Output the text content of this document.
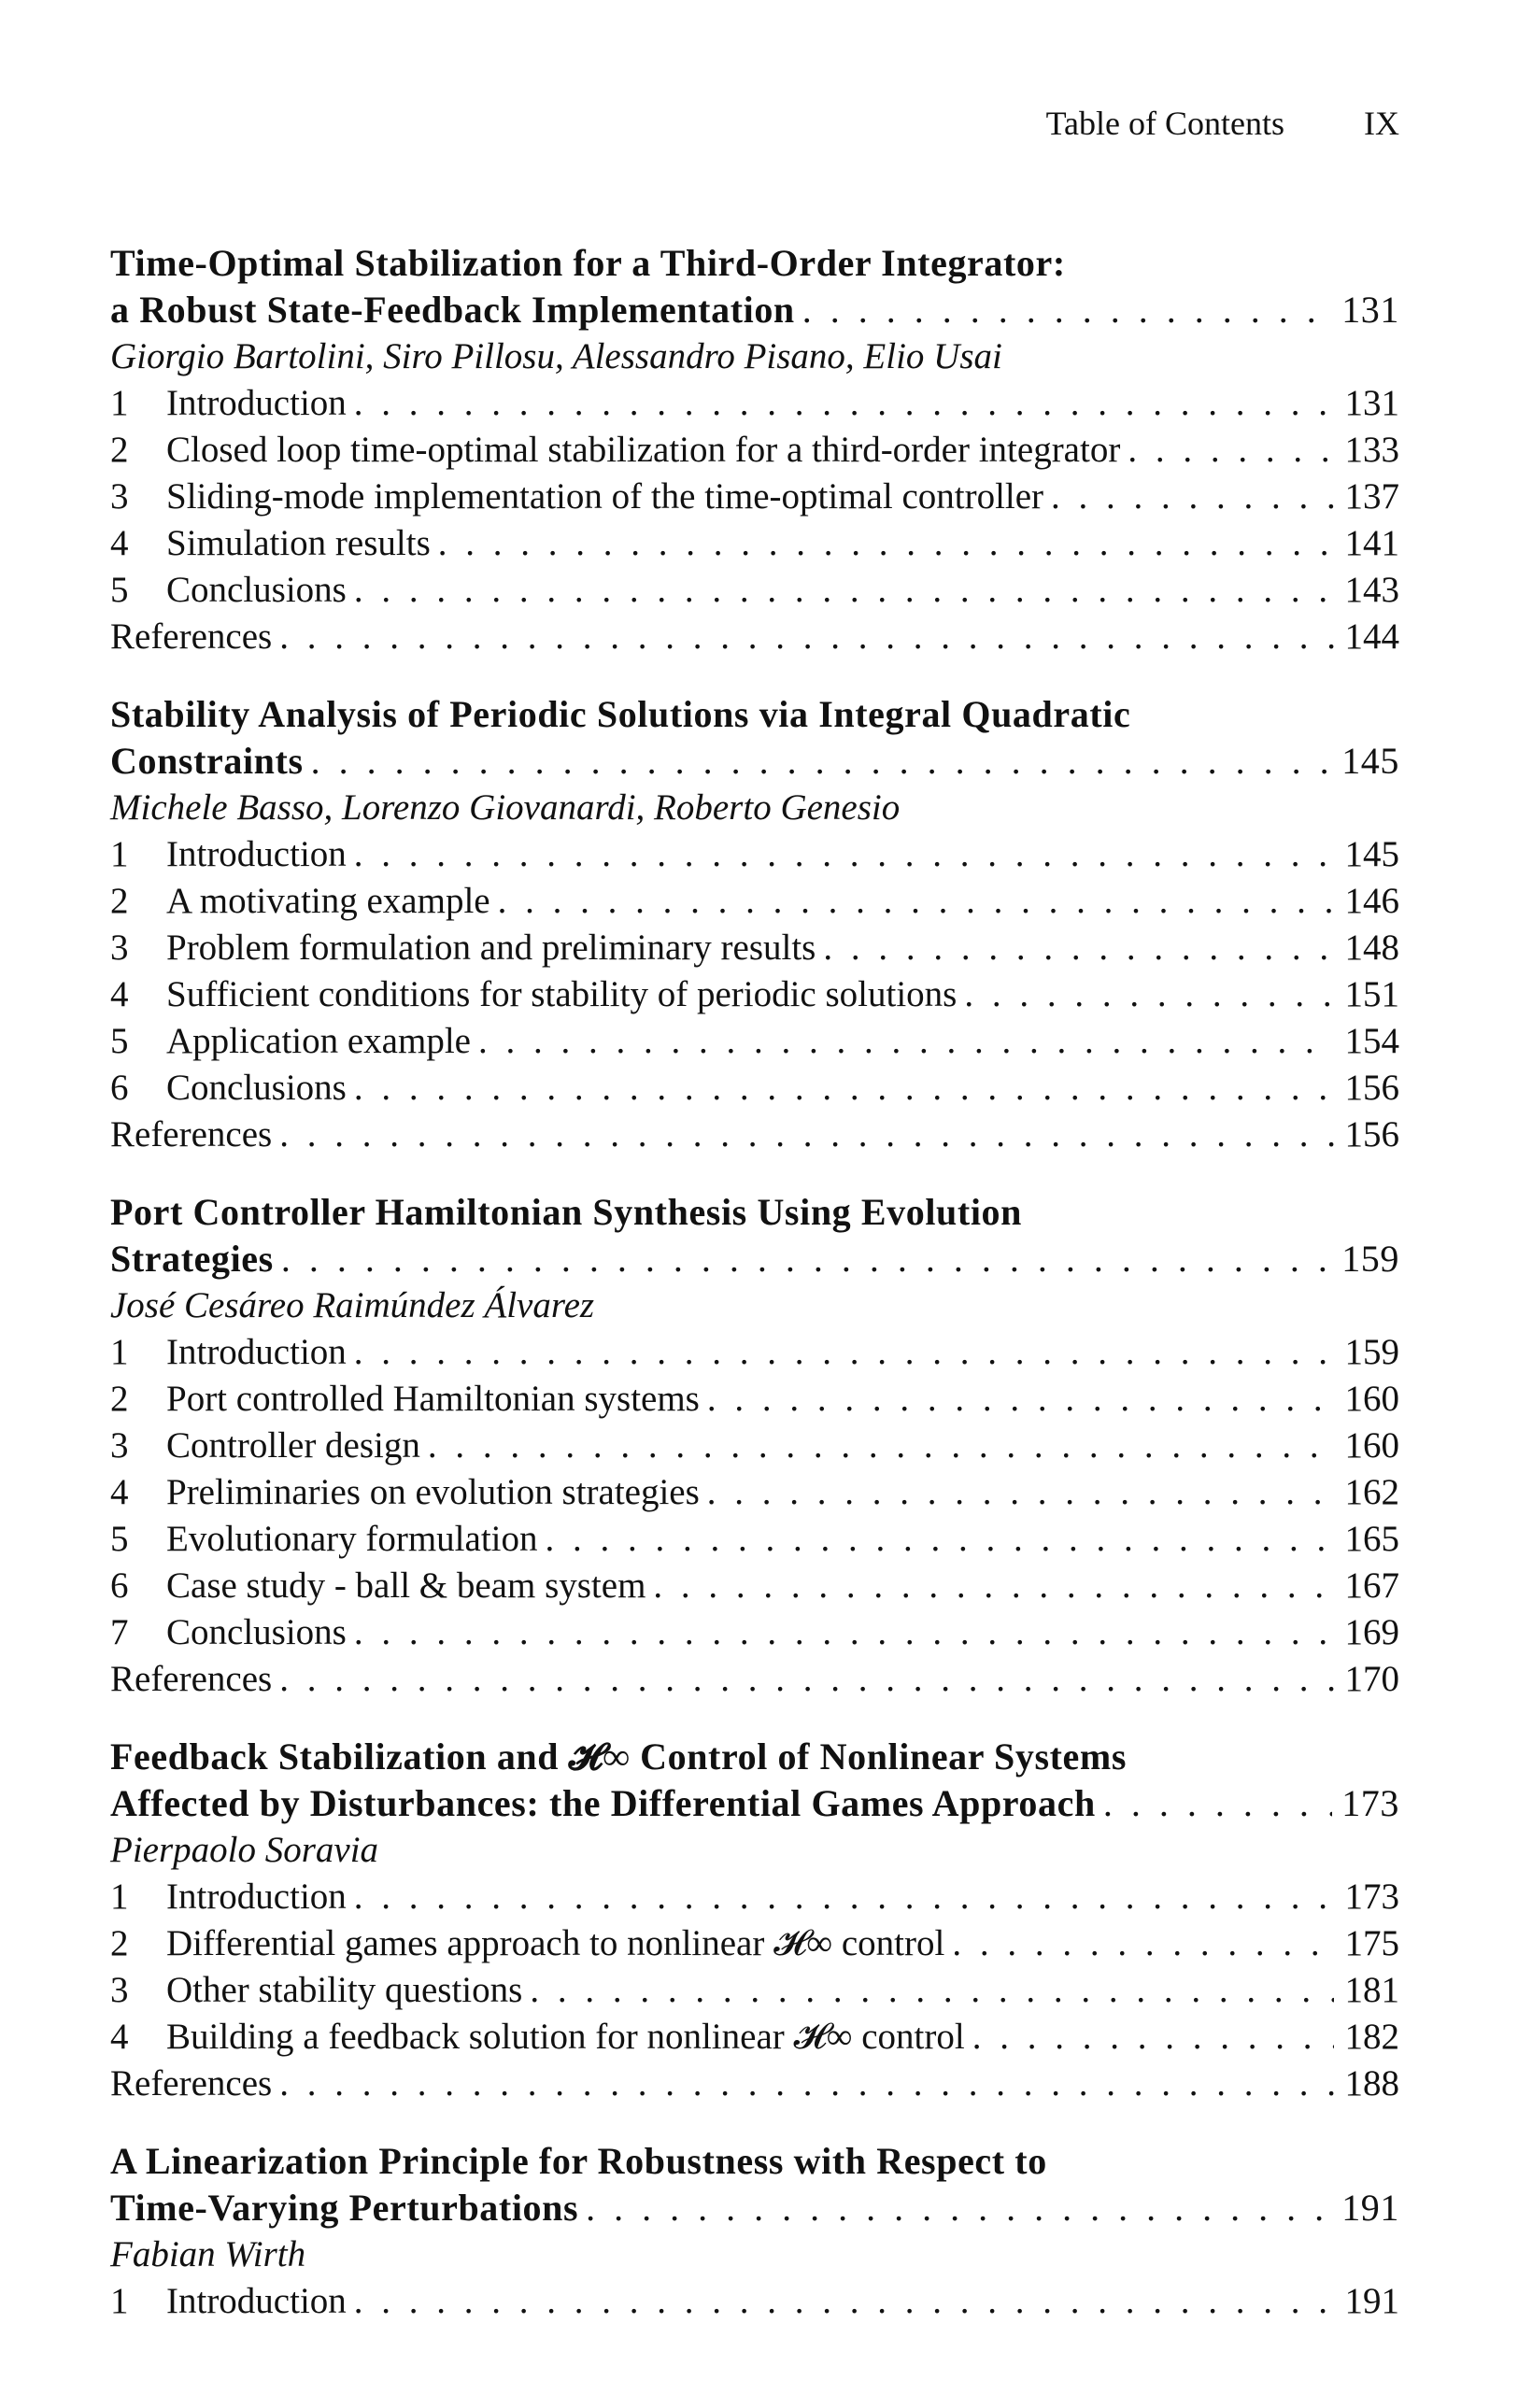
Table of Contents IX
Time-Optimal Stabilization for a Third-Order Integrator:
a Robust State-Feedback Implementation . . .	131
Giorgio Bartolini, Siro Pillosu, Alessandro Pisano, Elio Usai
1	Introduction . . .	131
2	Closed loop time-optimal stabilization for a third-order integrator . . .	133
3	Sliding-mode implementation of the time-optimal controller . . .	137
4	Simulation results . . .	141
5	Conclusions . . .	143
References . . .	144
Stability Analysis of Periodic Solutions via Integral Quadratic
Constraints . . .	145
Michele Basso, Lorenzo Giovanardi, Roberto Genesio
1	Introduction . . .	145
2	A motivating example . . .	146
3	Problem formulation and preliminary results . . .	148
4	Sufficient conditions for stability of periodic solutions . . .	151
5	Application example . . .	154
6	Conclusions . . .	156
References . . .	156
Port Controller Hamiltonian Synthesis Using Evolution
Strategies . . .	159
José Cesáreo Raimúndez Álvarez
1	Introduction . . .	159
2	Port controlled Hamiltonian systems . . .	160
3	Controller design . . .	160
4	Preliminaries on evolution strategies . . .	162
5	Evolutionary formulation . . .	165
6	Case study - ball & beam system . . .	167
7	Conclusions . . .	169
References . . .	170
Feedback Stabilization and 𝓗∞ Control of Nonlinear Systems
Affected by Disturbances: the Differential Games Approach . . .	173
Pierpaolo Soravia
1	Introduction . . .	173
2	Differential games approach to nonlinear 𝓗∞ control . . .	175
3	Other stability questions . . .	181
4	Building a feedback solution for nonlinear 𝓗∞ control . . .	182
References . . .	188
A Linearization Principle for Robustness with Respect to
Time-Varying Perturbations . . .	191
Fabian Wirth
1	Introduction . . .	191
